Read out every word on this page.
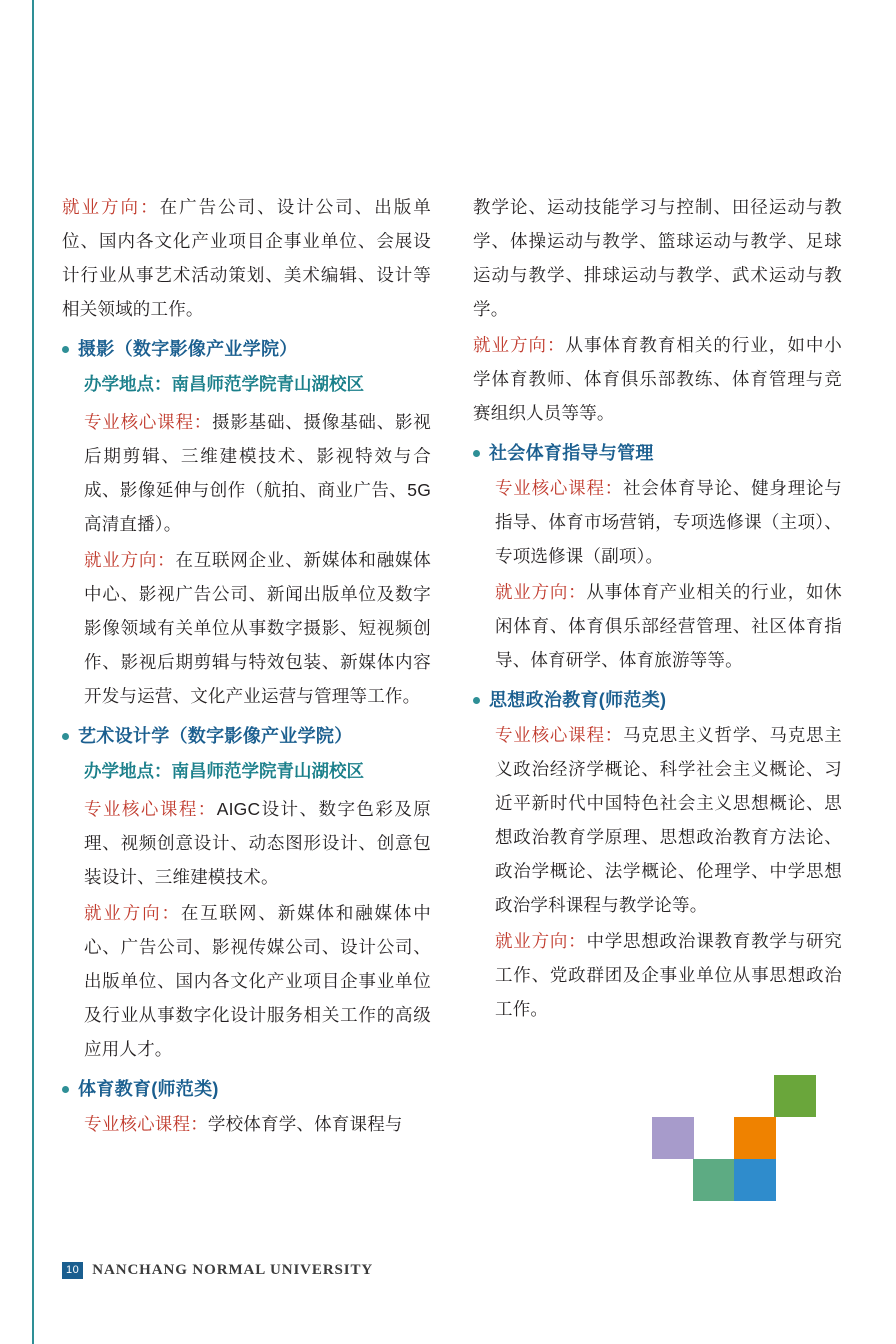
就业方向：在广告公司、设计公司、出版单位、国内各文化产业项目企事业单位、会展设计行业从事艺术活动策划、美术编辑、设计等相关领域的工作。

摄影（数字影像产业学院）

办学地点：南昌师范学院青山湖校区

专业核心课程：摄影基础、摄像基础、影视后期剪辑、三维建模技术、影视特效与合成、影像延伸与创作（航拍、商业广告、5G高清直播）。

就业方向：在互联网企业、新媒体和融媒体中心、影视广告公司、新闻出版单位及数字影像领域有关单位从事数字摄影、短视频创作、影视后期剪辑与特效包装、新媒体内容开发与运营、文化产业运营与管理等工作。

艺术设计学（数字影像产业学院）

办学地点：南昌师范学院青山湖校区

专业核心课程：AIGC设计、数字色彩及原理、视频创意设计、动态图形设计、创意包装设计、三维建模技术。

就业方向：在互联网、新媒体和融媒体中心、广告公司、影视传媒公司、设计公司、出版单位、国内各文化产业项目企事业单位及行业从事数字化设计服务相关工作的高级应用人才。

体育教育(师范类)

专业核心课程：学校体育学、体育课程与

教学论、运动技能学习与控制、田径运动与教学、体操运动与教学、篮球运动与教学、足球运动与教学、排球运动与教学、武术运动与教学。

就业方向：从事体育教育相关的行业，如中小学体育教师、体育俱乐部教练、体育管理与竞赛组织人员等等。

社会体育指导与管理

专业核心课程：社会体育导论、健身理论与指导、体育市场营销，专项选修课（主项）、专项选修课（副项）。

就业方向：从事体育产业相关的行业，如休闲体育、体育俱乐部经营管理、社区体育指导、体育研学、体育旅游等等。

思想政治教育(师范类)

专业核心课程：马克思主义哲学、马克思主义政治经济学概论、科学社会主义概论、习近平新时代中国特色社会主义思想概论、思想政治教育学原理、思想政治教育方法论、政治学概论、法学概论、伦理学、中学思想政治学科课程与教学论等。

就业方向：中学思想政治课教育教学与研究工作、党政群团及企事业单位从事思想政治工作。

10 NANCHANG NORMAL UNIVERSITY
